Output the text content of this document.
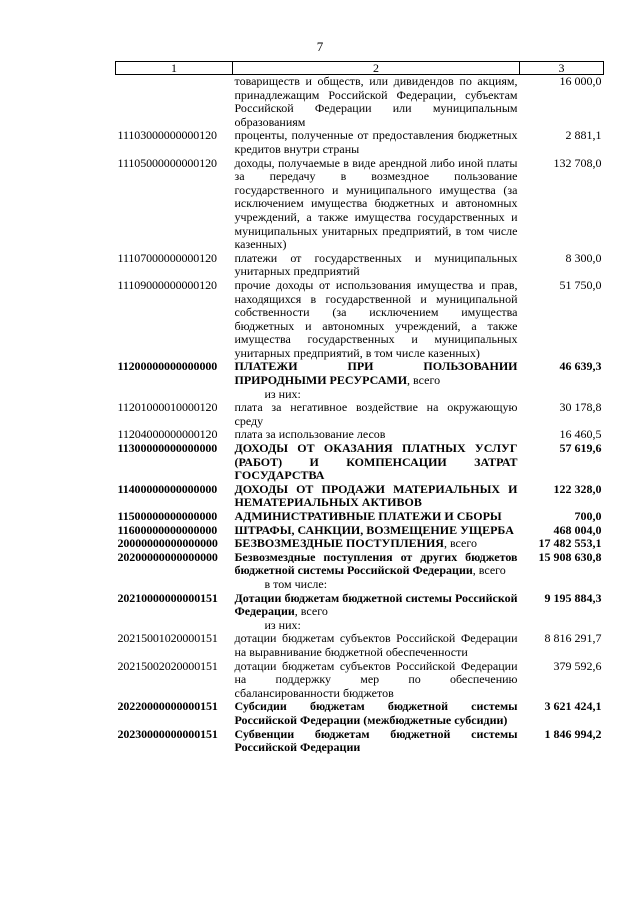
7
1	2	3
	товариществ и обществ, или дивидендов по акциям, принадлежащим Российской Федерации, субъектам Российской Федерации или муниципальным образованиям	16 000,0
11103000000000120	проценты, полученные от предоставления бюджетных кредитов внутри страны	2 881,1
11105000000000120	доходы, получаемые в виде арендной либо иной платы за передачу в возмездное пользование государственного и муниципального имущества (за исключением имущества бюджетных и автономных учреждений, а также имущества государственных и муниципальных унитарных предприятий, в том числе казенных)	132 708,0
11107000000000120	платежи от государственных и муниципальных унитарных предприятий	8 300,0
11109000000000120	прочие доходы от использования имущества и прав, находящихся в государственной и муниципальной собственности (за исключением имущества бюджетных и автономных учреждений, а также имущества государственных и муниципальных унитарных предприятий, в том числе казенных)	51 750,0
11200000000000000	ПЛАТЕЖИ ПРИ ПОЛЬЗОВАНИИ ПРИРОДНЫМИ РЕСУРСАМИ, всего	46 639,3
	из них:	
11201000010000120	плата за негативное воздействие на окружающую среду	30 178,8
11204000000000120	плата за использование лесов	16 460,5
11300000000000000	ДОХОДЫ ОТ ОКАЗАНИЯ ПЛАТНЫХ УСЛУГ (РАБОТ) И КОМПЕНСАЦИИ ЗАТРАТ ГОСУДАРСТВА	57 619,6
11400000000000000	ДОХОДЫ ОТ ПРОДАЖИ МАТЕРИАЛЬНЫХ И НЕМАТЕРИАЛЬНЫХ АКТИВОВ	122 328,0
11500000000000000	АДМИНИСТРАТИВНЫЕ ПЛАТЕЖИ И СБОРЫ	700,0
11600000000000000	ШТРАФЫ, САНКЦИИ, ВОЗМЕЩЕНИЕ УЩЕРБА	468 004,0
20000000000000000	БЕЗВОЗМЕЗДНЫЕ ПОСТУПЛЕНИЯ, всего	17 482 553,1
20200000000000000	Безвозмездные поступления от других бюджетов бюджетной системы Российской Федерации, всего	15 908 630,8
	в том числе:	
20210000000000151	Дотации бюджетам бюджетной системы Российской Федерации, всего	9 195 884,3
	из них:	
20215001020000151	дотации бюджетам субъектов Российской Федерации на выравнивание бюджетной обеспеченности	8 816 291,7
20215002020000151	дотации бюджетам субъектов Российской Федерации на поддержку мер по обеспечению сбалансированности бюджетов	379 592,6
20220000000000151	Субсидии бюджетам бюджетной системы Российской Федерации (межбюджетные субсидии)	3 621 424,1
20230000000000151	Субвенции бюджетам бюджетной системы Российской Федерации	1 846 994,2
